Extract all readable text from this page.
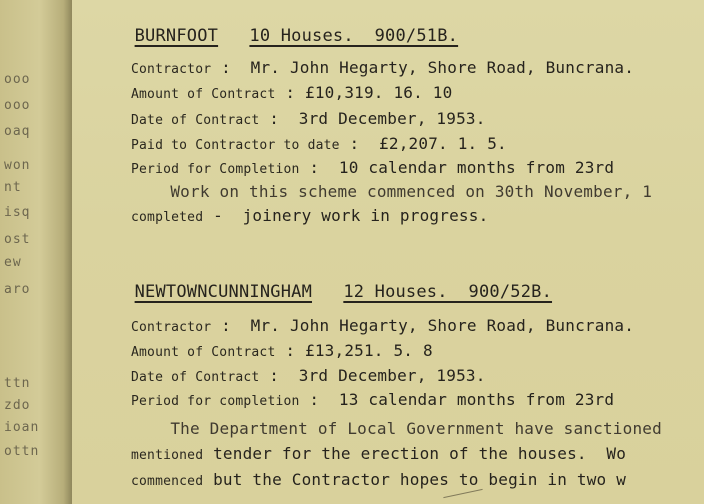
ooo
ooo
oaq
won
nt
isq
ost
ew
aro
ttn
zdo
ioan
ottn

BURNFOOT 10 Houses.  900/51B.

Contractor :  Mr. John Hegarty, Shore Road, Buncrana.

Amount of Contract : £10,319. 16. 10

Date of Contract :  3rd December, 1953.

Paid to Contractor to date :  £2,207. 1. 5.

Period for Completion :  10 calendar months from 23rd

Work on this scheme commenced on 30th November, 1

completed -  joinery work in progress.

NEWTOWNCUNNINGHAM 12 Houses.  900/52B.

Contractor :  Mr. John Hegarty, Shore Road, Buncrana.

Amount of Contract : £13,251. 5. 8

Date of Contract :  3rd December, 1953.

Period for completion :  13 calendar months from 23rd

The Department of Local Government have sanctioned

mentioned tender for the erection of the houses.  Wo

commenced but the Contractor hopes to begin in two w
